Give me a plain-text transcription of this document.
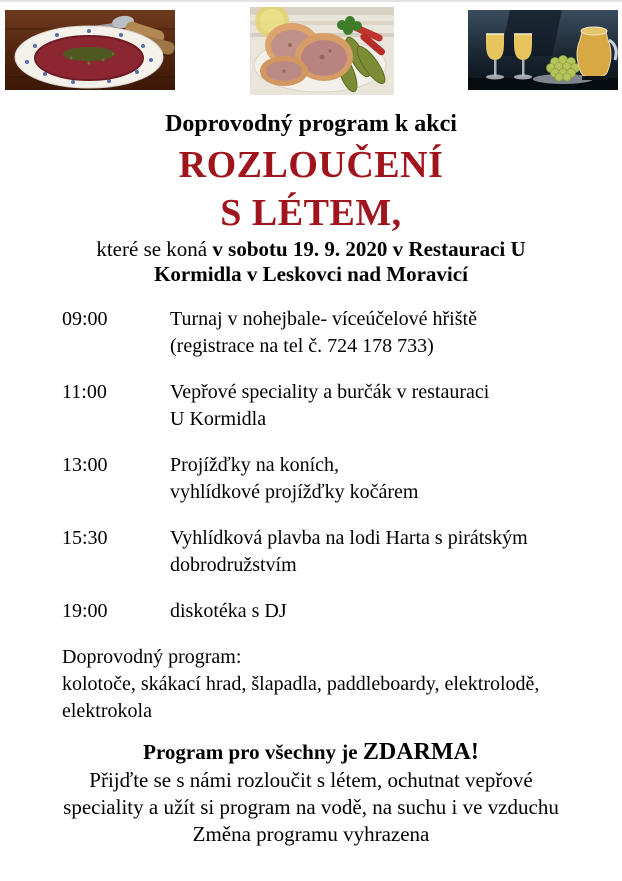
Doprovodný program k akci
ROZLOUČENÍ
S LÉTEM,
které se koná v sobotu 19. 9. 2020 v Restauraci U
Kormidla v Leskovci nad Moravicí
09:00	Turnaj v nohejbale- víceúčelové hřiště
(registrace na tel č. 724 178 733)
11:00	Vepřové speciality a burčák v restauraci
U Kormidla
13:00	Projížďky na koních,
vyhlídkové projížďky kočárem
15:30	Vyhlídková plavba na lodi Harta s pirátským
dobrodružstvím
19:00	diskotéka s DJ
Doprovodný program:
kolotoče, skákací hrad, šlapadla, paddleboardy, elektrolodě,
elektrokola
Program pro všechny je ZDARMA!
Přijďte se s námi rozloučit s létem, ochutnat vepřové
speciality a užít si program na vodě, na suchu i ve vzduchu
Změna programu vyhrazena
